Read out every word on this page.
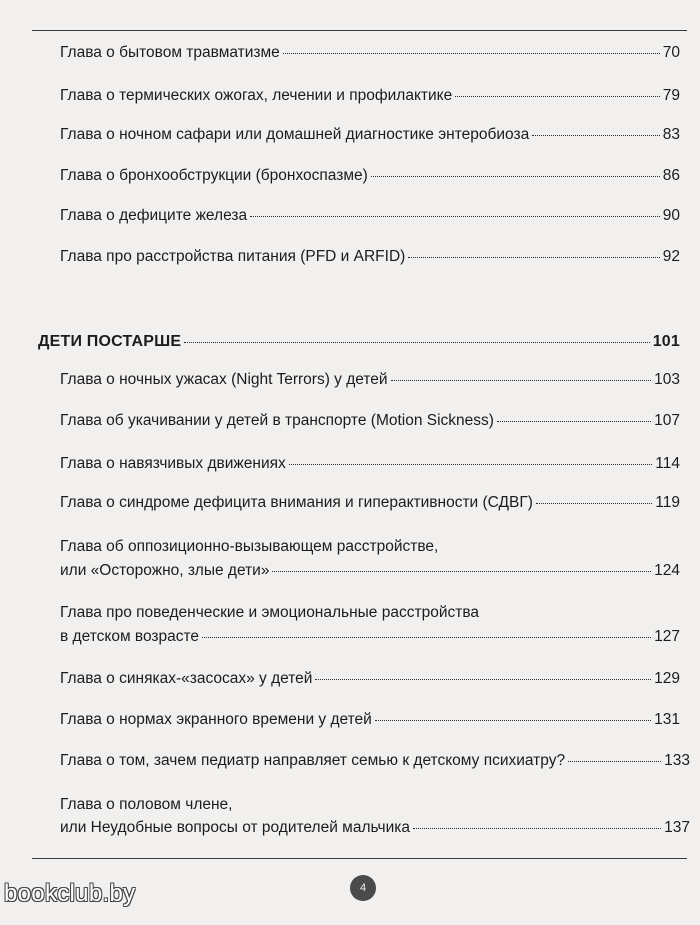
Глава о бытовом травматизме	70
Глава о термических ожогах, лечении и профилактике	79
Глава о ночном сафари или домашней диагностике энтеробиоза	83
Глава о бронхообструкции (бронхоспазме)	86
Глава о дефиците железа	90
Глава про расстройства питания (PFD и ARFID)	92
ДЕТИ ПОСТАРШЕ	101
Глава о ночных ужасах (Night Terrors) у детей	103
Глава об укачивании у детей в транспорте (Motion Sickness)	107
Глава о навязчивых движениях	114
Глава о синдроме дефицита внимания и гиперактивности (СДВГ)	119
Глава об оппозиционно-вызывающем расстройстве,
или «Осторожно, злые дети»	124
Глава про поведенческие и эмоциональные расстройства
в детском возрасте	127
Глава о синяках-«засосах» у детей	129
Глава о нормах экранного времени у детей	131
Глава о том, зачем педиатр направляет семью к детскому психиатру?	133
Глава о половом члене,
или Неудобные вопросы от родителей мальчика	137
4
bookclub.by
